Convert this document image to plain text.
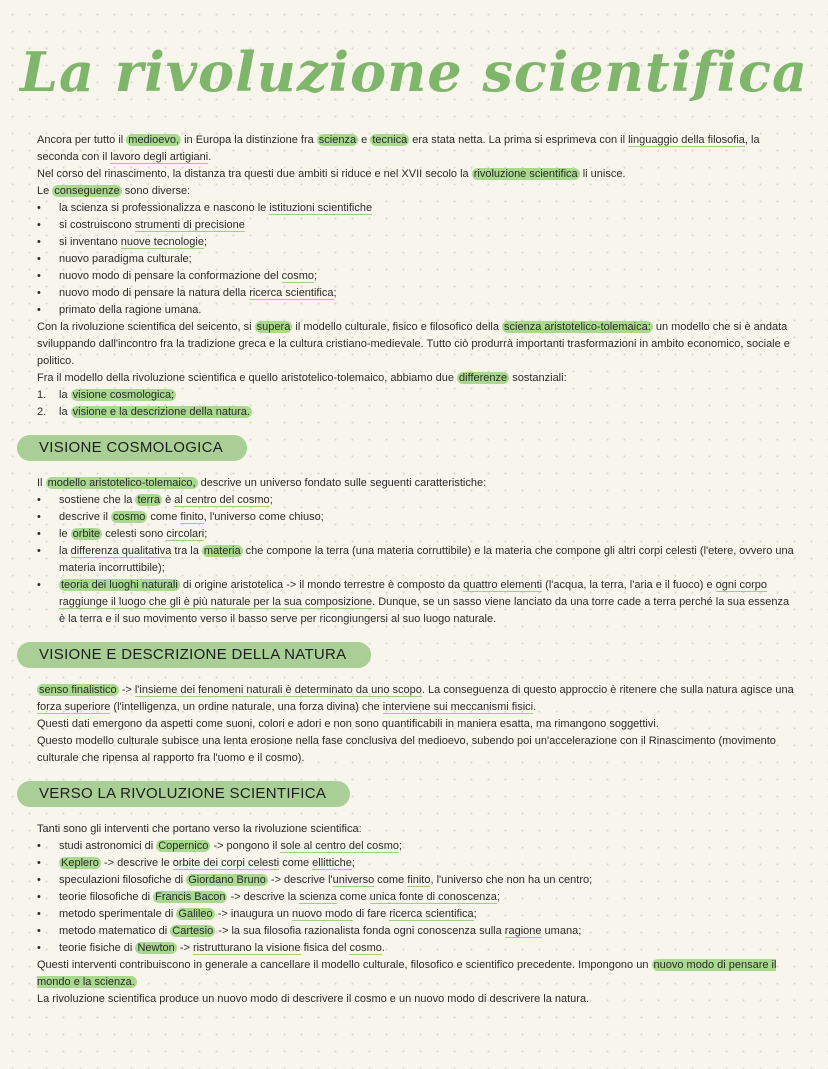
La rivoluzione scientifica
Ancora per tutto il medioevo, in Europa la distinzione fra scienza e tecnica era stata netta. La prima si esprimeva con il linguaggio della filosofia, la seconda con il lavoro degli artigiani.
Nel corso del rinascimento, la distanza tra questi due ambiti si riduce e nel XVII secolo la rivoluzione scientifica li unisce.
Le conseguenze sono diverse:
• la scienza si professionalizza e nascono le istituzioni scientifiche
• si costruiscono strumenti di precisione
• si inventano nuove tecnologie;
• nuovo paradigma culturale;
• nuovo modo di pensare la conformazione del cosmo;
• nuovo modo di pensare la natura della ricerca scientifica;
• primato della ragione umana.
Con la rivoluzione scientifica del seicento, si supera il modello culturale, fisico e filosofico della scienza aristotelico-tolemaica: un modello che si è andata sviluppando dall'incontro fra la tradizione greca e la cultura cristiano-medievale. Tutto ciò produrrà importanti trasformazioni in ambito economico, sociale e politico.
Fra il modello della rivoluzione scientifica e quello aristotelico-tolemaico, abbiamo due differenze sostanziali:
1. la visione cosmologica;
2. la visione e la descrizione della natura.
VISIONE COSMOLOGICA
Il modello aristotelico-tolemaico, descrive un universo fondato sulle seguenti caratteristiche:
• sostiene che la terra è al centro del cosmo;
• descrive il cosmo come finito, l'universo come chiuso;
• le orbite celesti sono circolari;
• la differenza qualitativa tra la materia che compone la terra (una materia corruttibile) e la materia che compone gli altri corpi celesti (l'etere, ovvero una materia incorruttibile);
• teoria dei luoghi naturali di origine aristotelica -> il mondo terrestre è composto da quattro elementi (l'acqua, la terra, l'aria e il fuoco) e ogni corpo raggiunge il luogo che gli è più naturale per la sua composizione. Dunque, se un sasso viene lanciato da una torre cade a terra perché la sua essenza è la terra e il suo movimento verso il basso serve per ricongiungersi al suo luogo naturale.
VISIONE E DESCRIZIONE DELLA NATURA
senso finalistico -> l'insieme dei fenomeni naturali è determinato da uno scopo. La conseguenza di questo approccio è ritenere che sulla natura agisce una forza superiore (l'intelligenza, un ordine naturale, una forza divina) che interviene sui meccanismi fisici.
Questi dati emergono da aspetti come suoni, colori e adori e non sono quantificabili in maniera esatta, ma rimangono soggettivi.
Questo modello culturale subisce una lenta erosione nella fase conclusiva del medioevo, subendo poi un'accelerazione con il Rinascimento (movimento culturale che ripensa al rapporto fra l'uomo e il cosmo).
VERSO LA RIVOLUZIONE SCIENTIFICA
Tanti sono gli interventi che portano verso la rivoluzione scientifica:
• studi astronomici di Copernico -> pongono il sole al centro del cosmo;
• Keplero -> descrive le orbite dei corpi celesti come ellittiche;
• speculazioni filosofiche di Giordano Bruno -> descrive l'universo come finito, l'universo che non ha un centro;
• teorie filosofiche di Francis Bacon -> descrive la scienza come unica fonte di conoscenza;
• metodo sperimentale di Galileo -> inaugura un nuovo modo di fare ricerca scientifica;
• metodo matematico di Cartesio -> la sua filosofia razionalista fonda ogni conoscenza sulla ragione umana;
• teorie fisiche di Newton -> ristrutturano la visione fisica del cosmo.
Questi interventi contribuiscono in generale a cancellare il modello culturale, filosofico e scientifico precedente. Impongono un nuovo modo di pensare il mondo e la scienza.
La rivoluzione scientifica produce un nuovo modo di descrivere il cosmo e un nuovo modo di descrivere la natura.
